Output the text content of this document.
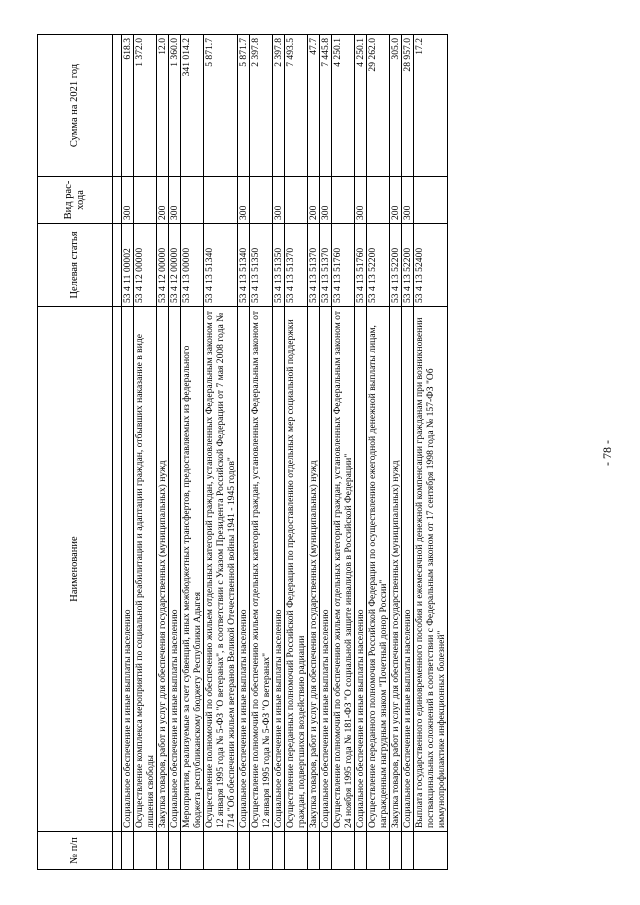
№ п/п	Наименование	Целевая статья	Вид рас-хода	Сумма на 2021 год

	Социальное обеспечение и иные выплаты населению	53 4 11 00002	300	618.3
	Осуществление комплекса мероприятий по социальной реабилитации и адаптации граждан, отбывших наказание в виде лишения свободы	53 4 12 00000		1 372.0
	Закупка товаров, работ и услуг для обеспечения государственных (муниципальных) нужд	53 4 12 00000	200	12.0
	Социальное обеспечение и иные выплаты населению	53 4 12 00000	300	1 360.0
	Мероприятия, реализуемые за счет субвенций, иных межбюджетных трансфертов, предоставляемых из федерального бюджета республиканскому бюджету Республики Адыгея	53 4 13 00000		341 014.2
	Осуществление полномочий по обеспечению жильем отдельных категорий граждан, установленных Федеральным законом от 12 января 1995 года № 5-ФЗ "О ветеранах", в соответствии с Указом Президента Российской Федерации от 7 мая 2008 года № 714 "Об обеспечении жильем ветеранов Великой Отечественной войны 1941 - 1945 годов"	53 4 13 51340		5 871.7
	Социальное обеспечение и иные выплаты населению	53 4 13 51340	300	5 871.7
	Осуществление полномочий по обеспечению жильем отдельных категорий граждан, установленных Федеральным законом от 12 января 1995 года № 5-ФЗ "О ветеранах"	53 4 13 51350		2 397.8
	Социальное обеспечение и иные выплаты населению	53 4 13 51350	300	2 397.8
	Осуществление переданных полномочий Российской Федерации по предоставлению отдельных мер социальной поддержки граждан, подвергшихся воздействию радиации	53 4 13 51370		7 493.5
	Закупка товаров, работ и услуг для обеспечения государственных (муниципальных) нужд	53 4 13 51370	200	47.7
	Социальное обеспечение и иные выплаты населению	53 4 13 51370	300	7 445.8
	Осуществление полномочий по обеспечению жильем отдельных категорий граждан, установленных Федеральным законом от 24 ноября 1995 года № 181-ФЗ "О социальной защите инвалидов в Российской Федерации"	53 4 13 51760		4 250.1
	Социальное обеспечение и иные выплаты населению	53 4 13 51760	300	4 250.1
	Осуществление переданного полномочия Российской Федерации по осуществлению ежегодной денежной выплаты лицам, награжденным нагрудным знаком "Почетный донор России"	53 4 13 52200		29 262.0
	Закупка товаров, работ и услуг для обеспечения государственных (муниципальных) нужд	53 4 13 52200	200	305.0
	Социальное обеспечение и иные выплаты населению	53 4 13 52200	300	28 957.0
	Выплата государственного единовременного пособия и ежемесячной денежной компенсации гражданам при возникновении поствакцинальных осложнений в соответствии с Федеральным законом от 17 сентября 1998 года № 157-ФЗ "Об иммунопрофилактике инфекционных болезней"	53 4 13 52400		17.2
- 78 -
